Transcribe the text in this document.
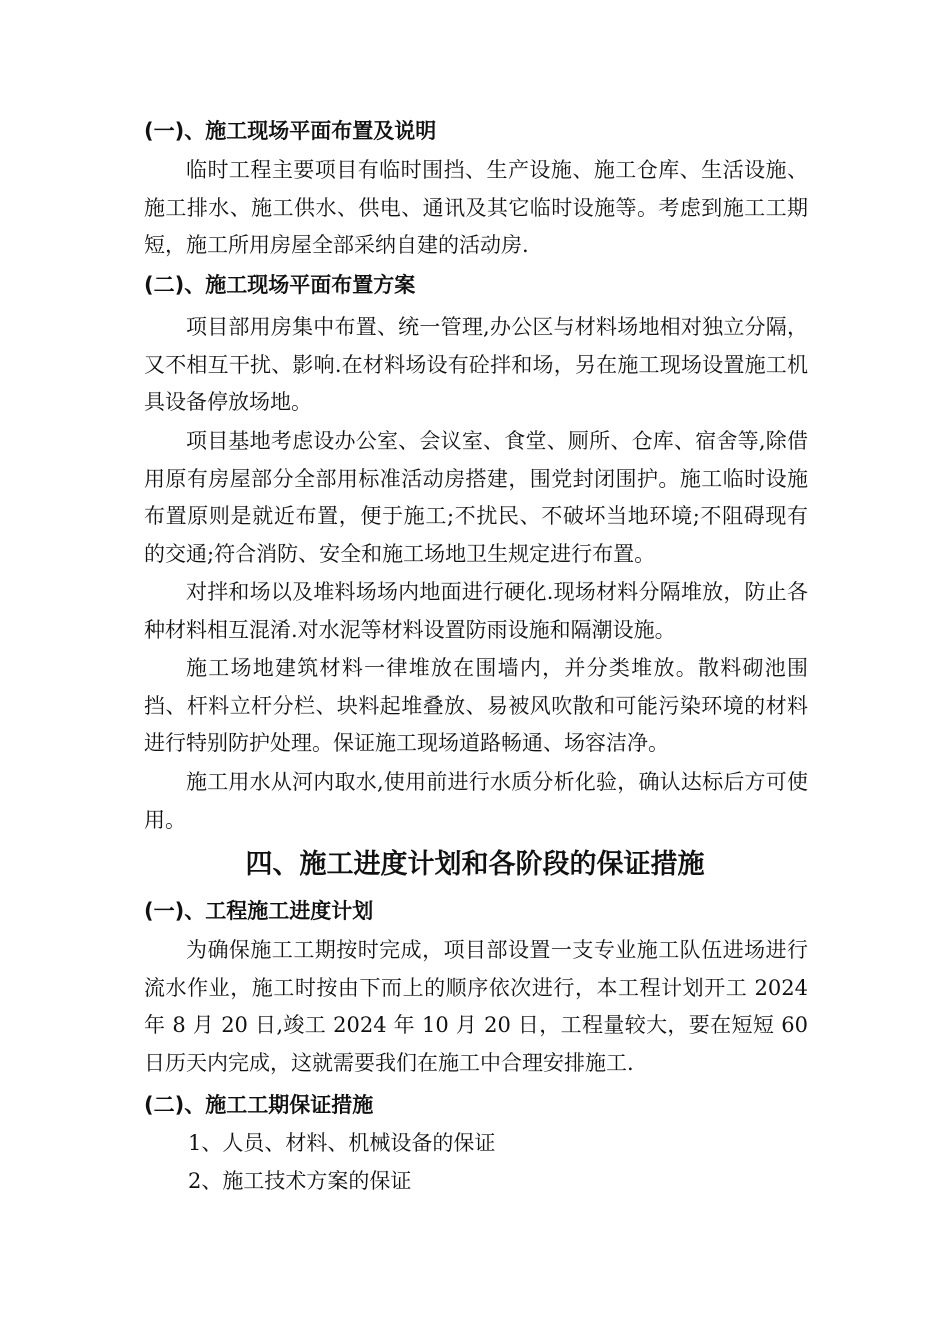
(一)、施工现场平面布置及说明
临时工程主要项目有临时围挡、生产设施、施工仓库、生活设施、施工排水、施工供水、供电、通讯及其它临时设施等。考虑到施工工期短，施工所用房屋全部采纳自建的活动房.
(二)、施工现场平面布置方案
项目部用房集中布置、统一管理,办公区与材料场地相对独立分隔，又不相互干扰、影响.在材料场设有砼拌和场，另在施工现场设置施工机具设备停放场地。
项目基地考虑设办公室、会议室、食堂、厕所、仓库、宿舍等,除借用原有房屋部分全部用标准活动房搭建，围党封闭围护。施工临时设施布置原则是就近布置，便于施工;不扰民、不破坏当地环境;不阻碍现有的交通;符合消防、安全和施工场地卫生规定进行布置。
对拌和场以及堆料场场内地面进行硬化.现场材料分隔堆放，防止各种材料相互混淆.对水泥等材料设置防雨设施和隔潮设施。
施工场地建筑材料一律堆放在围墙内，并分类堆放。散料砌池围挡、杆料立杆分栏、块料起堆叠放、易被风吹散和可能污染环境的材料进行特别防护处理。保证施工现场道路畅通、场容洁净。
施工用水从河内取水,使用前进行水质分析化验，确认达标后方可使用。
四、施工进度计划和各阶段的保证措施
(一)、工程施工进度计划
为确保施工工期按时完成，项目部设置一支专业施工队伍进场进行流水作业，施工时按由下而上的顺序依次进行，本工程计划开工 2024 年 8 月 20 日,竣工 2024 年 10 月 20 日，工程量较大，要在短短 60 日历天内完成，这就需要我们在施工中合理安排施工.
(二)、施工工期保证措施
1、人员、材料、机械设备的保证
2、施工技术方案的保证
